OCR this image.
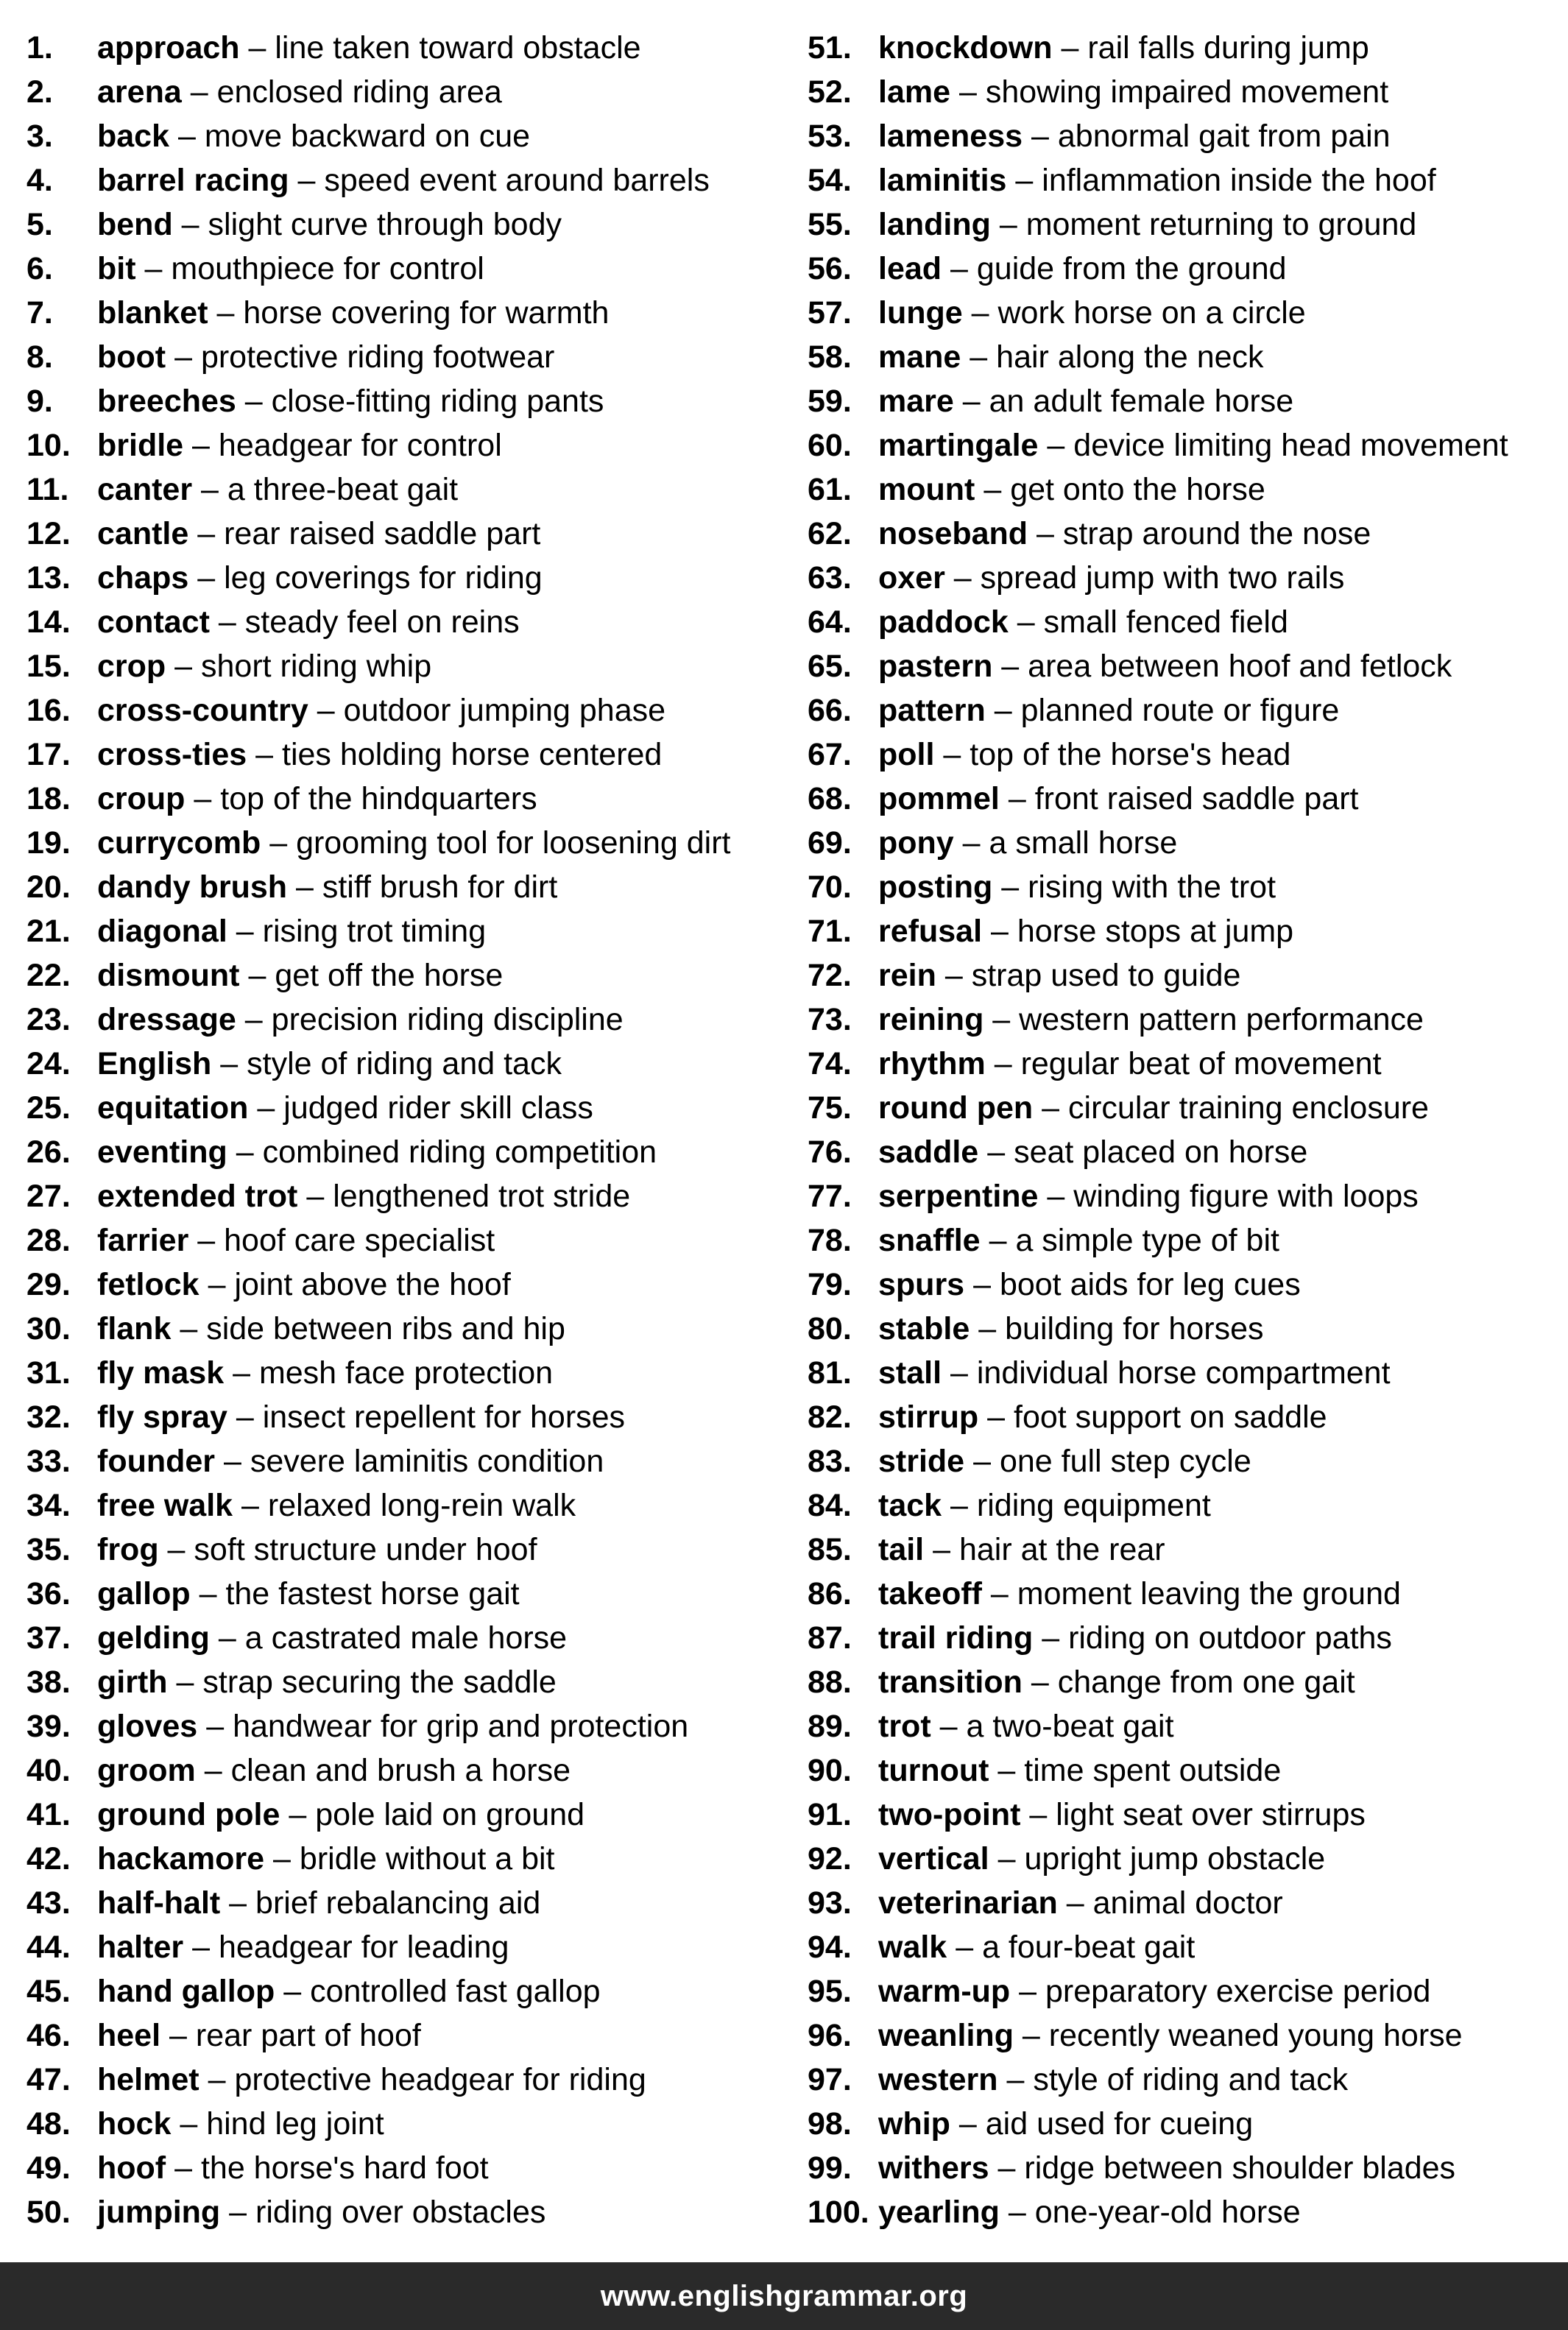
1. approach – line taken toward obstacle
2. arena – enclosed riding area
3. back – move backward on cue
4. barrel racing – speed event around barrels
5. bend – slight curve through body
6. bit – mouthpiece for control
7. blanket – horse covering for warmth
8. boot – protective riding footwear
9. breeches – close-fitting riding pants
10. bridle – headgear for control
11. canter – a three-beat gait
12. cantle – rear raised saddle part
13. chaps – leg coverings for riding
14. contact – steady feel on reins
15. crop – short riding whip
16. cross-country – outdoor jumping phase
17. cross-ties – ties holding horse centered
18. croup – top of the hindquarters
19. currycomb – grooming tool for loosening dirt
20. dandy brush – stiff brush for dirt
21. diagonal – rising trot timing
22. dismount – get off the horse
23. dressage – precision riding discipline
24. English – style of riding and tack
25. equitation – judged rider skill class
26. eventing – combined riding competition
27. extended trot – lengthened trot stride
28. farrier – hoof care specialist
29. fetlock – joint above the hoof
30. flank – side between ribs and hip
31. fly mask – mesh face protection
32. fly spray – insect repellent for horses
33. founder – severe laminitis condition
34. free walk – relaxed long-rein walk
35. frog – soft structure under hoof
36. gallop – the fastest horse gait
37. gelding – a castrated male horse
38. girth – strap securing the saddle
39. gloves – handwear for grip and protection
40. groom – clean and brush a horse
41. ground pole – pole laid on ground
42. hackamore – bridle without a bit
43. half-halt – brief rebalancing aid
44. halter – headgear for leading
45. hand gallop – controlled fast gallop
46. heel – rear part of hoof
47. helmet – protective headgear for riding
48. hock – hind leg joint
49. hoof – the horse's hard foot
50. jumping – riding over obstacles
51. knockdown – rail falls during jump
52. lame – showing impaired movement
53. lameness – abnormal gait from pain
54. laminitis – inflammation inside the hoof
55. landing – moment returning to ground
56. lead – guide from the ground
57. lunge – work horse on a circle
58. mane – hair along the neck
59. mare – an adult female horse
60. martingale – device limiting head movement
61. mount – get onto the horse
62. noseband – strap around the nose
63. oxer – spread jump with two rails
64. paddock – small fenced field
65. pastern – area between hoof and fetlock
66. pattern – planned route or figure
67. poll – top of the horse's head
68. pommel – front raised saddle part
69. pony – a small horse
70. posting – rising with the trot
71. refusal – horse stops at jump
72. rein – strap used to guide
73. reining – western pattern performance
74. rhythm – regular beat of movement
75. round pen – circular training enclosure
76. saddle – seat placed on horse
77. serpentine – winding figure with loops
78. snaffle – a simple type of bit
79. spurs – boot aids for leg cues
80. stable – building for horses
81. stall – individual horse compartment
82. stirrup – foot support on saddle
83. stride – one full step cycle
84. tack – riding equipment
85. tail – hair at the rear
86. takeoff – moment leaving the ground
87. trail riding – riding on outdoor paths
88. transition – change from one gait
89. trot – a two-beat gait
90. turnout – time spent outside
91. two-point – light seat over stirrups
92. vertical – upright jump obstacle
93. veterinarian – animal doctor
94. walk – a four-beat gait
95. warm-up – preparatory exercise period
96. weanling – recently weaned young horse
97. western – style of riding and tack
98. whip – aid used for cueing
99. withers – ridge between shoulder blades
100. yearling – one-year-old horse
www.englishgrammar.org
